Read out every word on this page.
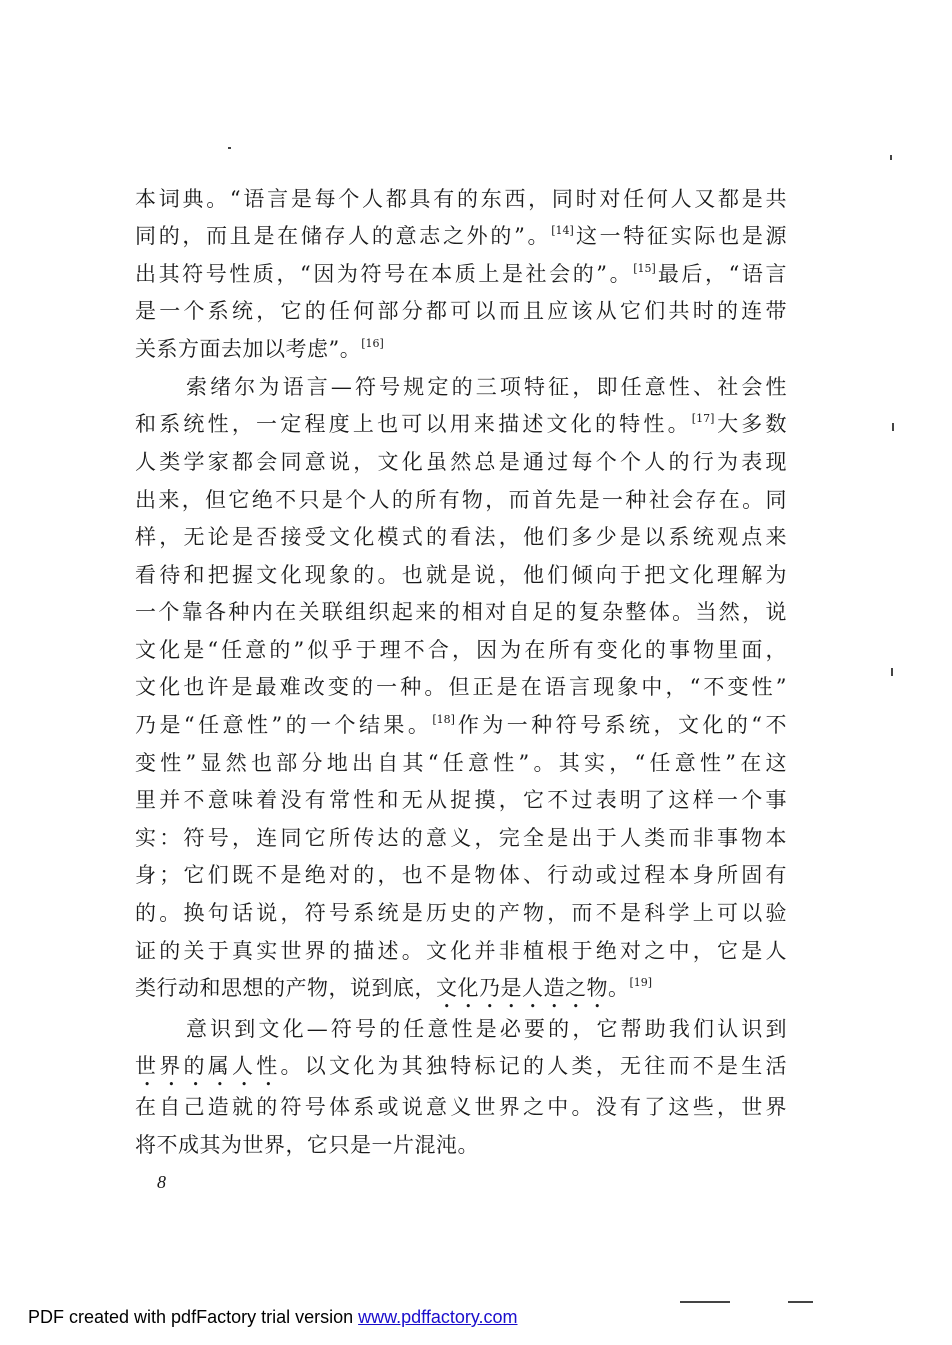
本词典。“语言是每个人都具有的东西，同时对任何人又都是共
同的，而且是在储存人的意志之外的”。[14]这一特征实际也是源
出其符号性质，“因为符号在本质上是社会的”。[15]最后，“语言
是一个系统，它的任何部分都可以而且应该从它们共时的连带
关系方面去加以考虑”。[16]
索绪尔为语言—符号规定的三项特征，即任意性、社会性
和系统性，一定程度上也可以用来描述文化的特性。[17]大多数
人类学家都会同意说，文化虽然总是通过每个个人的行为表现
出来，但它绝不只是个人的所有物，而首先是一种社会存在。同
样，无论是否接受文化模式的看法，他们多少是以系统观点来
看待和把握文化现象的。也就是说，他们倾向于把文化理解为
一个靠各种内在关联组织起来的相对自足的复杂整体。当然，说
文化是“任意的”似乎于理不合，因为在所有变化的事物里面，
文化也许是最难改变的一种。但正是在语言现象中，“不变性”
乃是“任意性”的一个结果。[18]作为一种符号系统，文化的“不
变性”显然也部分地出自其“任意性”。其实，“任意性”在这
里并不意味着没有常性和无从捉摸，它不过表明了这样一个事
实：符号，连同它所传达的意义，完全是出于人类而非事物本
身；它们既不是绝对的，也不是物体、行动或过程本身所固有
的。换句话说，符号系统是历史的产物，而不是科学上可以验
证的关于真实世界的描述。文化并非植根于绝对之中，它是人
类行动和思想的产物，说到底，文化乃是人造之物。[19]
意识到文化—符号的任意性是必要的，它帮助我们认识到
世界的属人性。以文化为其独特标记的人类，无往而不是生活
在自己造就的符号体系或说意义世界之中。没有了这些，世界
将不成其为世界，它只是一片混沌。
8
PDF created with pdfFactory trial version www.pdffactory.com
